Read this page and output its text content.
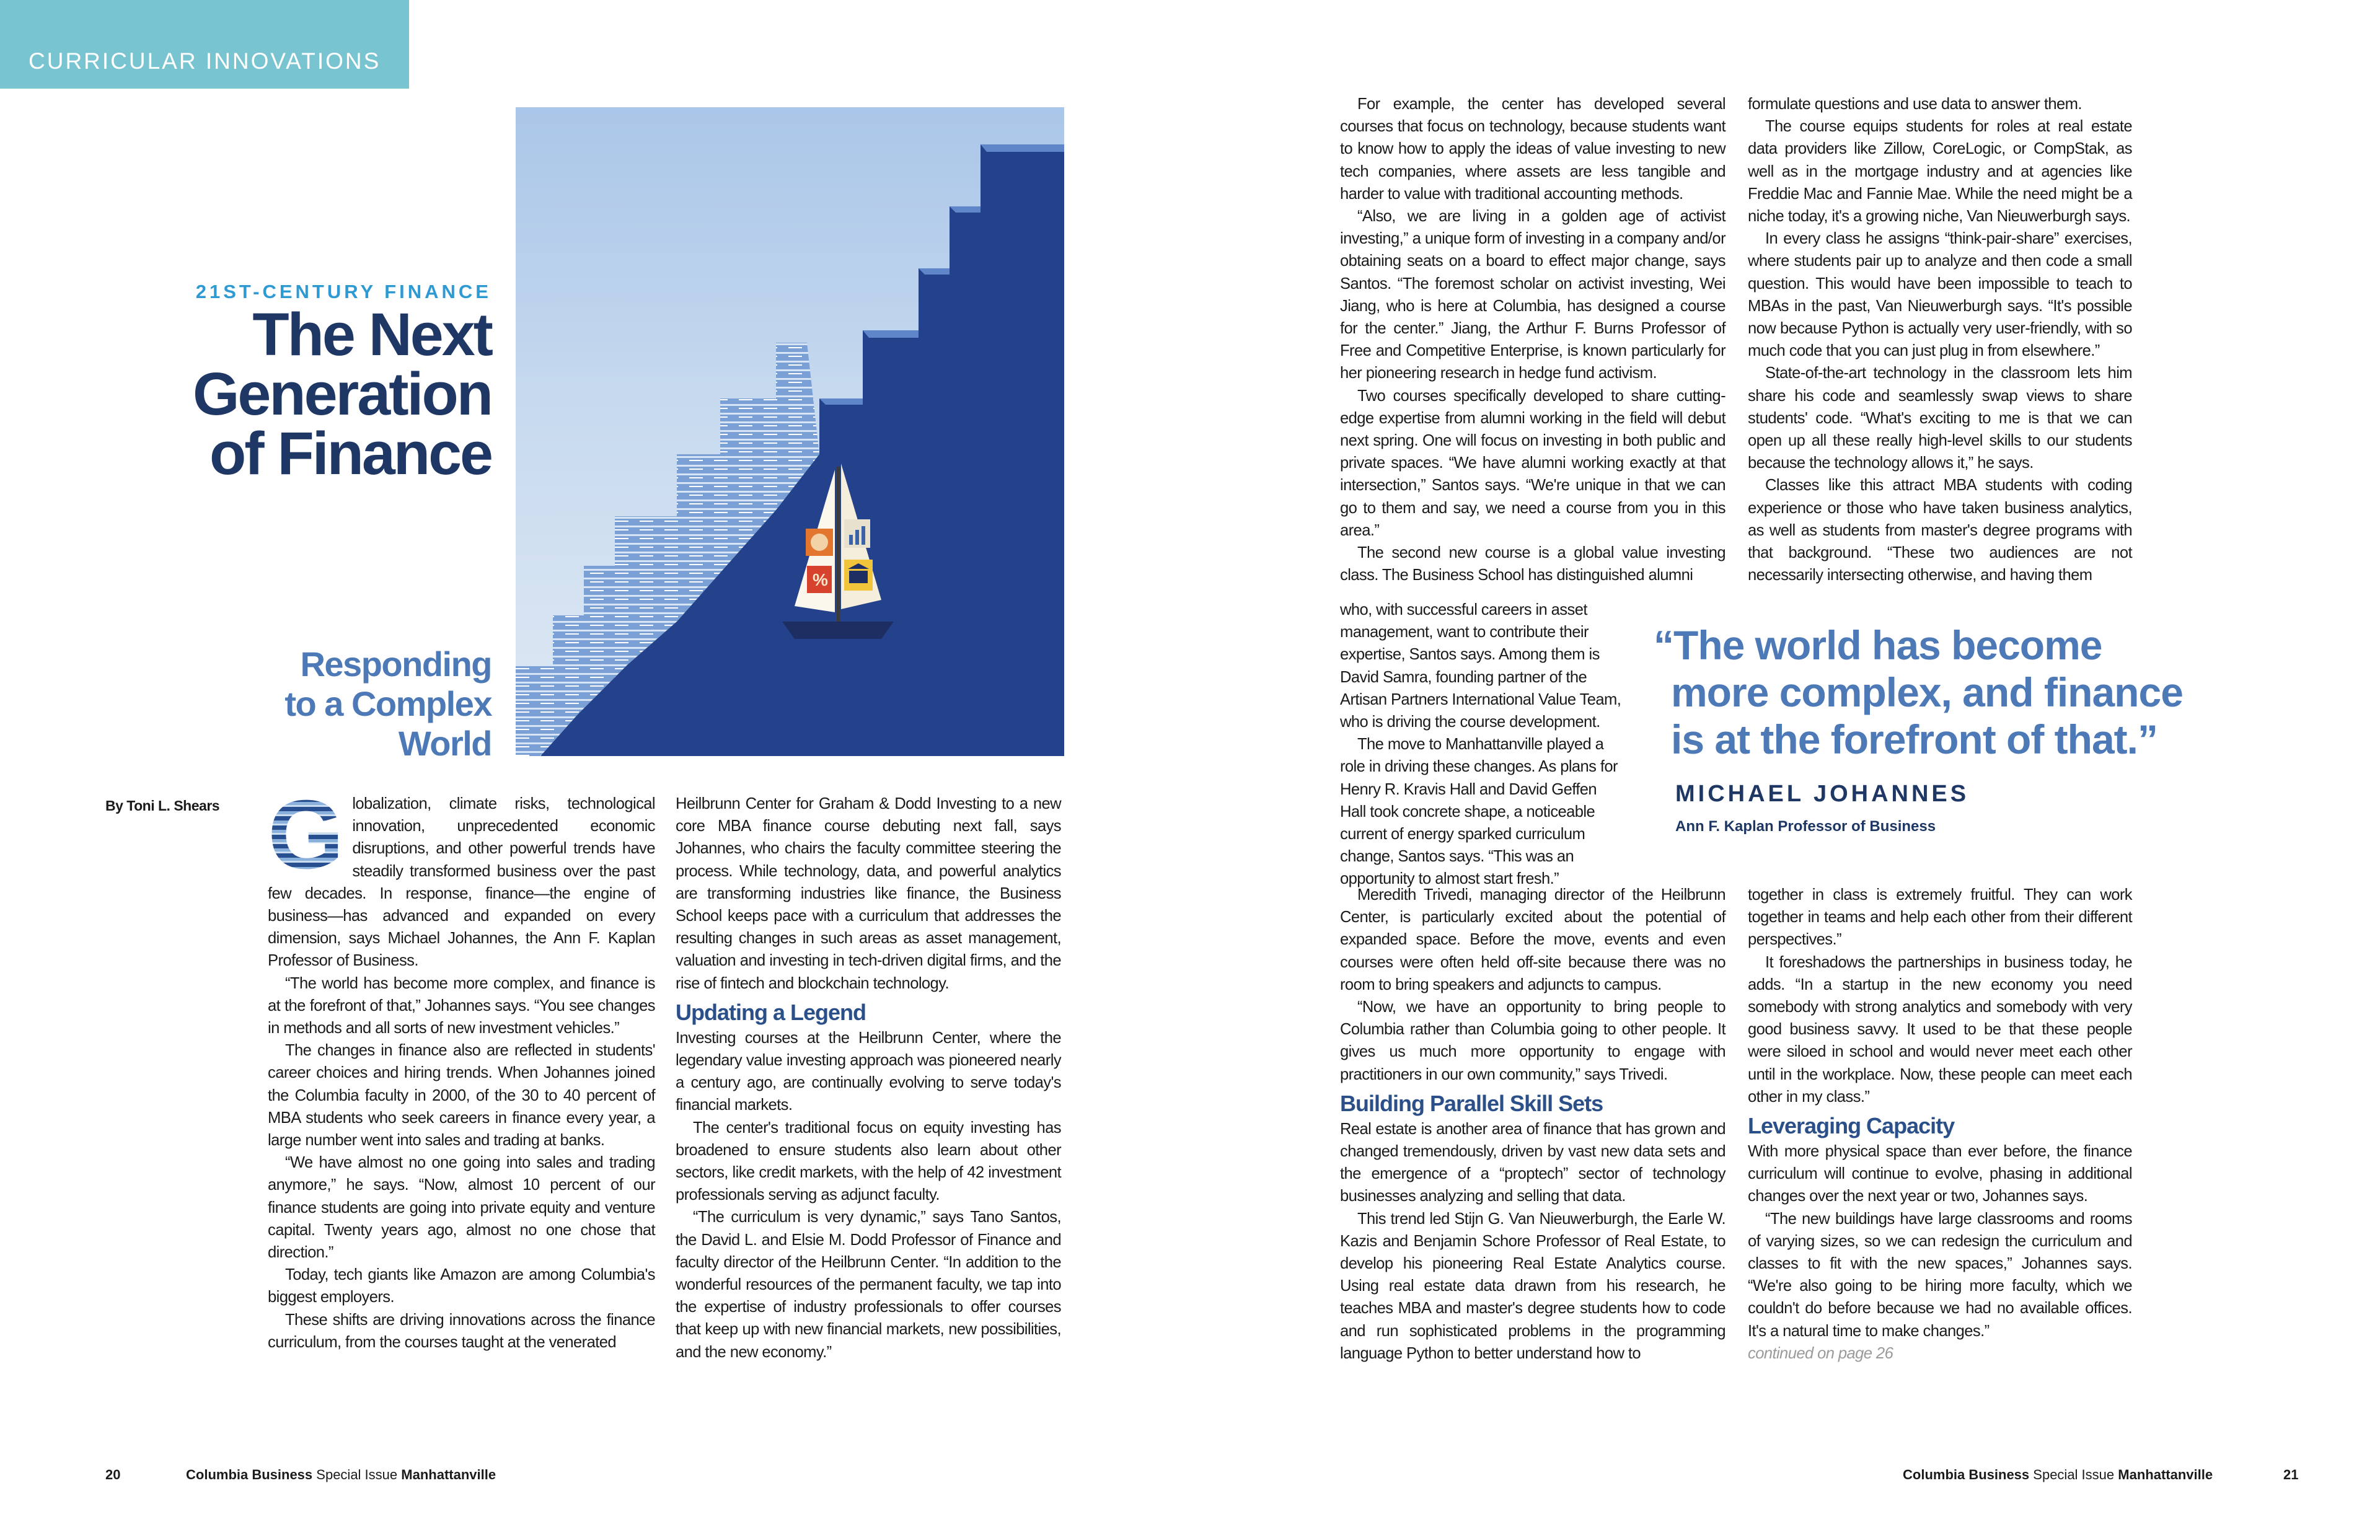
CURRICULAR INNOVATIONS
21ST-CENTURY FINANCE
The Next
Generation
of Finance
Responding
to a Complex
World
%
By Toni L. Shears G lobalization, climate risks, technological innovation, unprecedented economic disruptions, and other powerful trends have steadily transformed business over the past few decades. In response, finance—the engine of business—has advanced and expanded on every dimension, says Michael Johannes, the Ann F. Kaplan Professor of Business.

“The world has become more complex, and finance is at the forefront of that,” Johannes says. “You see changes in methods and all sorts of new investment vehicles.”

The changes in finance also are reflected in students' career choices and hiring trends. When Johannes joined the Columbia faculty in 2000, of the 30 to 40 percent of MBA students who seek careers in finance every year, a large number went into sales and trading at banks.

“We have almost no one going into sales and trading anymore,” he says. “Now, almost 10 percent of our finance students are going into private equity and venture capital. Twenty years ago, almost no one chose that direction.”

Today, tech giants like Amazon are among Columbia's biggest employers.

These shifts are driving innovations across the finance curriculum, from the courses taught at the venerated

Heilbrunn Center for Graham & Dodd Investing to a new core MBA finance course debuting next fall, says Johannes, who chairs the faculty committee steering the process. While technology, data, and powerful analytics are transforming industries like finance, the Business School keeps pace with a curriculum that addresses the resulting changes in such areas as asset management, valuation and investing in tech-driven digital firms, and the rise of fintech and blockchain technology.

Updating a Legend

Investing courses at the Heilbrunn Center, where the legendary value investing approach was pioneered nearly a century ago, are continually evolving to serve today's financial markets.

The center's traditional focus on equity investing has broadened to ensure students also learn about other sectors, like credit markets, with the help of 42 investment professionals serving as adjunct faculty.

“The curriculum is very dynamic,” says Tano Santos, the David L. and Elsie M. Dodd Professor of Finance and faculty director of the Heilbrunn Center. “In addition to the wonderful resources of the permanent faculty, we tap into the expertise of industry professionals to offer courses that keep up with new financial markets, new possibilities, and the new economy.”

For example, the center has developed several courses that focus on technology, because students want to know how to apply the ideas of value investing to new tech companies, where assets are less tangible and harder to value with traditional accounting methods.

“Also, we are living in a golden age of activist investing,” a unique form of investing in a company and/or obtaining seats on a board to effect major change, says Santos. “The foremost scholar on activist investing, Wei Jiang, who is here at Columbia, has designed a course for the center.” Jiang, the Arthur F. Burns Professor of Free and Competitive Enterprise, is known particularly for her pioneering research in hedge fund activism.

Two courses specifically developed to share cutting-edge expertise from alumni working in the field will debut next spring. One will focus on investing in both public and private spaces. “We have alumni working exactly at that intersection,” Santos says. “We're unique in that we can go to them and say, we need a course from you in this area.”

The second new course is a global value investing class. The Business School has distinguished alumni

who, with successful careers in asset management, want to contribute their expertise, Santos says. Among them is David Samra, founding partner of the Artisan Partners International Value Team, who is driving the course development.

The move to Manhattanville played a role in driving these changes. As plans for Henry R. Kravis Hall and David Geffen Hall took concrete shape, a noticeable current of energy sparked curriculum change, Santos says. “This was an opportunity to almost start fresh.”

Meredith Trivedi, managing director of the Heilbrunn Center, is particularly excited about the potential of expanded space. Before the move, events and even courses were often held off-site because there was no room to bring speakers and adjuncts to campus.

“Now, we have an opportunity to bring people to Columbia rather than Columbia going to other people. It gives us much more opportunity to engage with practitioners in our own community,” says Trivedi.

Building Parallel Skill Sets

Real estate is another area of finance that has grown and changed tremendously, driven by vast new data sets and the emergence of a “proptech” sector of technology businesses analyzing and selling that data.

This trend led Stijn G. Van Nieuwerburgh, the Earle W. Kazis and Benjamin Schore Professor of Real Estate, to develop his pioneering Real Estate Analytics course. Using real estate data drawn from his research, he teaches MBA and master's degree students how to code and run sophisticated problems in the programming language Python to better understand how to

formulate questions and use data to answer them.

The course equips students for roles at real estate data providers like Zillow, CoreLogic, or CompStak, as well as in the mortgage industry and at agencies like Freddie Mac and Fannie Mae. While the need might be a niche today, it's a growing niche, Van Nieuwerburgh says.

In every class he assigns “think-pair-share” exercises, where students pair up to analyze and then code a small question. This would have been impossible to teach to MBAs in the past, Van Nieuwerburgh says. “It's possible now because Python is actually very user-friendly, with so much code that you can just plug in from elsewhere.”

State-of-the-art technology in the classroom lets him share his code and seamlessly swap views to share students' code. “What's exciting to me is that we can open up all these really high-level skills to our students because the technology allows it,” he says.

Classes like this attract MBA students with coding experience or those who have taken business analytics, as well as students from master's degree programs with that background. “These two audiences are not necessarily intersecting otherwise, and having them

“The world has become
more complex, and finance
is at the forefront of that.”
MICHAEL JOHANNES
Ann F. Kaplan Professor of Business

together in class is extremely fruitful. They can work together in teams and help each other from their different perspectives.”

It foreshadows the partnerships in business today, he adds. “In a startup in the new economy you need somebody with strong analytics and somebody with very good business savvy. It used to be that these people were siloed in school and would never meet each other until in the workplace. Now, these people can meet each other in my class.”

Leveraging Capacity

With more physical space than ever before, the finance curriculum will continue to evolve, phasing in additional changes over the next year or two, Johannes says.

“The new buildings have large classrooms and rooms of varying sizes, so we can redesign the curriculum and classes to fit with the new spaces,” Johannes says. “We're also going to be hiring more faculty, which we couldn't do before because we had no available offices. It's a natural time to make changes.”

continued on page 26

20	Columbia Business Special Issue Manhattanville	Columbia Business Special Issue Manhattanville	21
